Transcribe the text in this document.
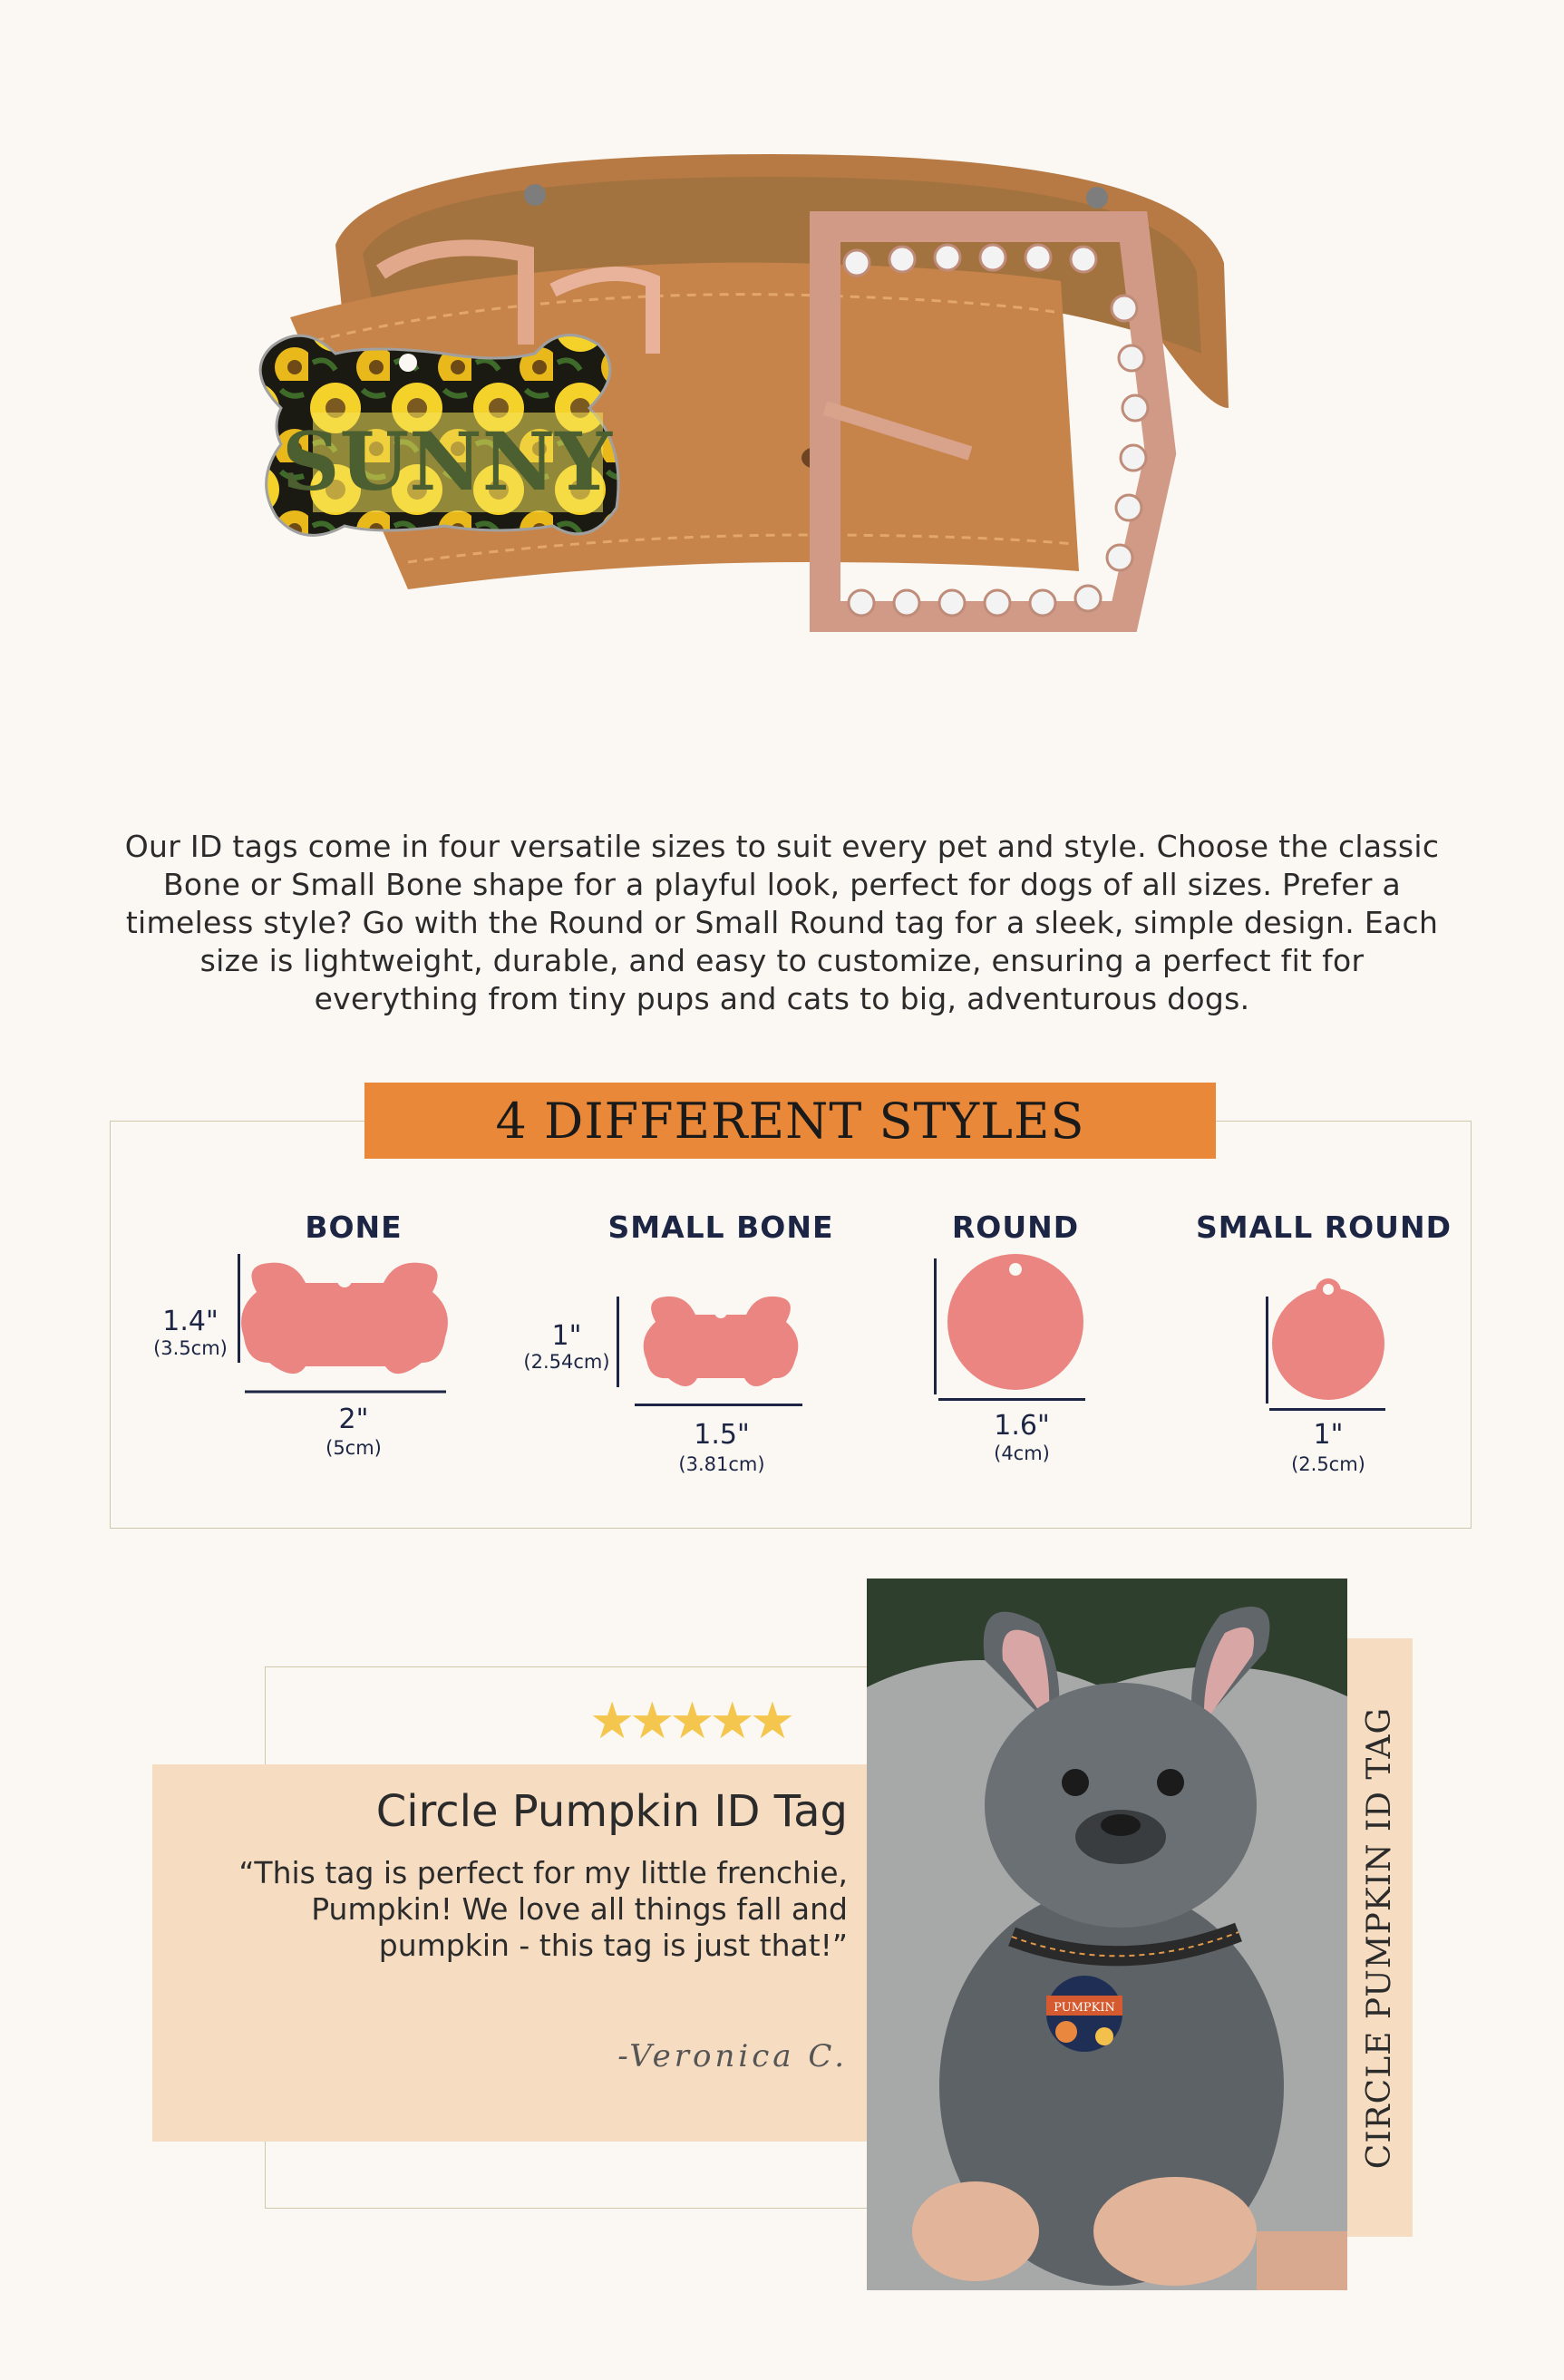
SUNNY
Our ID tags come in four versatile sizes to suit every pet and style. Choose the classic Bone or Small Bone shape for a playful look, perfect for dogs of all sizes. Prefer a timeless style? Go with the Round or Small Round tag for a sleek, simple design. Each size is lightweight, durable, and easy to customize, ensuring a perfect fit for everything from tiny pups and cats to big, adventurous dogs.
4 DIFFERENT STYLES
BONE
1.4"
(3.5cm)
2"
(5cm)
SMALL BONE
1"
(2.54cm)
1.5"
(3.81cm)
ROUND
1.6"
(4cm)
SMALL ROUND
1"
(2.5cm)
★★★★★
Circle Pumpkin ID Tag
“This tag is perfect for my little frenchie, Pumpkin! We love all things fall and pumpkin - this tag is just that!”
-Veronica C.
PUMPKIN	CIRCLE PUMPKIN ID TAG
